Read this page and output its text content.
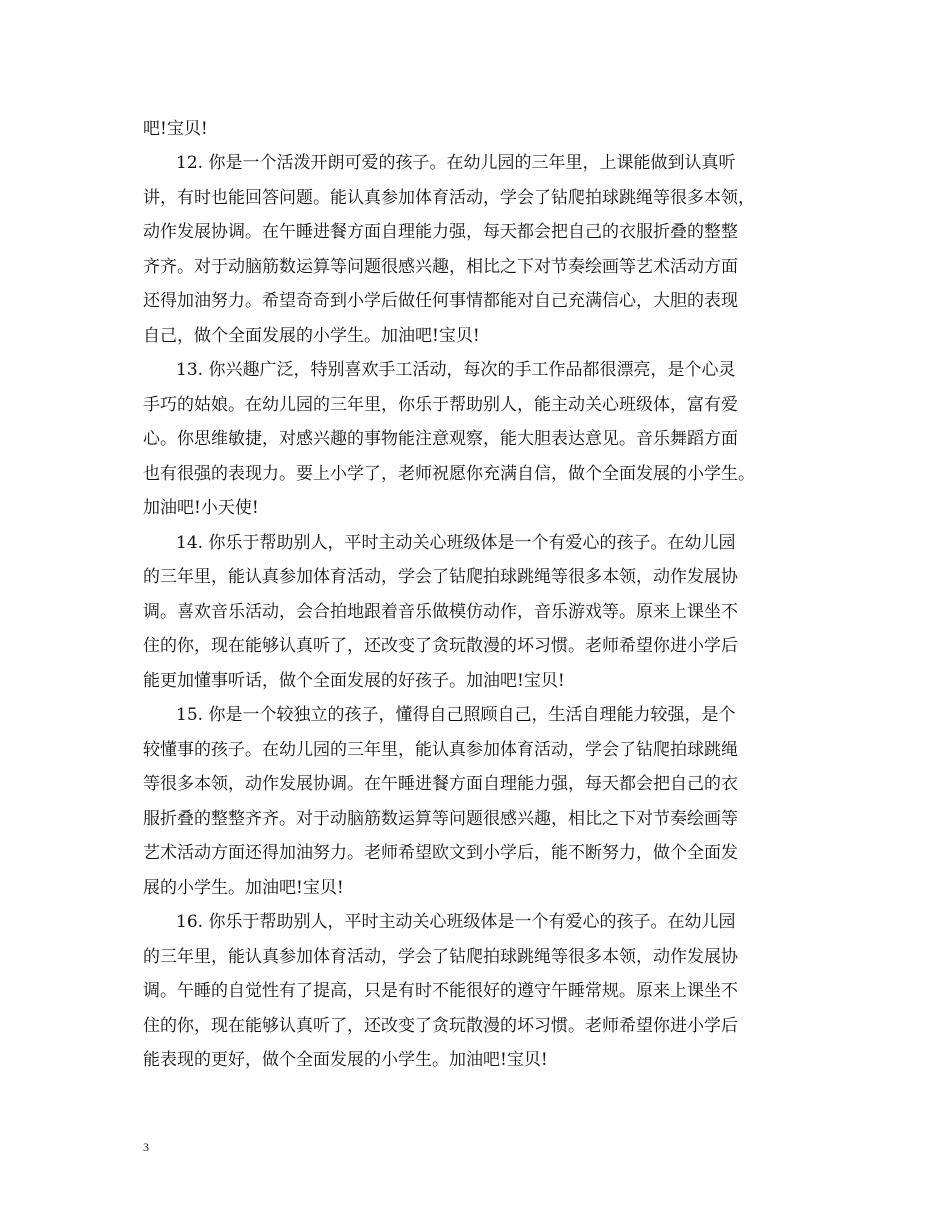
吧!宝贝!
12. 你是一个活泼开朗可爱的孩子。在幼儿园的三年里，上课能做到认真听
讲，有时也能回答问题。能认真参加体育活动，学会了钻爬拍球跳绳等很多本领，
动作发展协调。在午睡进餐方面自理能力强，每天都会把自己的衣服折叠的整整
齐齐。对于动脑筋数运算等问题很感兴趣，相比之下对节奏绘画等艺术活动方面
还得加油努力。希望奇奇到小学后做任何事情都能对自己充满信心，大胆的表现
自己，做个全面发展的小学生。加油吧!宝贝!
13. 你兴趣广泛，特别喜欢手工活动，每次的手工作品都很漂亮，是个心灵
手巧的姑娘。在幼儿园的三年里，你乐于帮助别人，能主动关心班级体，富有爱
心。你思维敏捷，对感兴趣的事物能注意观察，能大胆表达意见。音乐舞蹈方面
也有很强的表现力。要上小学了，老师祝愿你充满自信，做个全面发展的小学生。
加油吧!小天使!
14. 你乐于帮助别人，平时主动关心班级体是一个有爱心的孩子。在幼儿园
的三年里，能认真参加体育活动，学会了钻爬拍球跳绳等很多本领，动作发展协
调。喜欢音乐活动，会合拍地跟着音乐做模仿动作，音乐游戏等。原来上课坐不
住的你，现在能够认真听了，还改变了贪玩散漫的坏习惯。老师希望你进小学后
能更加懂事听话，做个全面发展的好孩子。加油吧!宝贝!
15. 你是一个较独立的孩子，懂得自己照顾自己，生活自理能力较强，是个
较懂事的孩子。在幼儿园的三年里，能认真参加体育活动，学会了钻爬拍球跳绳
等很多本领，动作发展协调。在午睡进餐方面自理能力强，每天都会把自己的衣
服折叠的整整齐齐。对于动脑筋数运算等问题很感兴趣，相比之下对节奏绘画等
艺术活动方面还得加油努力。老师希望欧文到小学后，能不断努力，做个全面发
展的小学生。加油吧!宝贝!
16. 你乐于帮助别人，平时主动关心班级体是一个有爱心的孩子。在幼儿园
的三年里，能认真参加体育活动，学会了钻爬拍球跳绳等很多本领，动作发展协
调。午睡的自觉性有了提高，只是有时不能很好的遵守午睡常规。原来上课坐不
住的你，现在能够认真听了，还改变了贪玩散漫的坏习惯。老师希望你进小学后
能表现的更好，做个全面发展的小学生。加油吧!宝贝!
3
